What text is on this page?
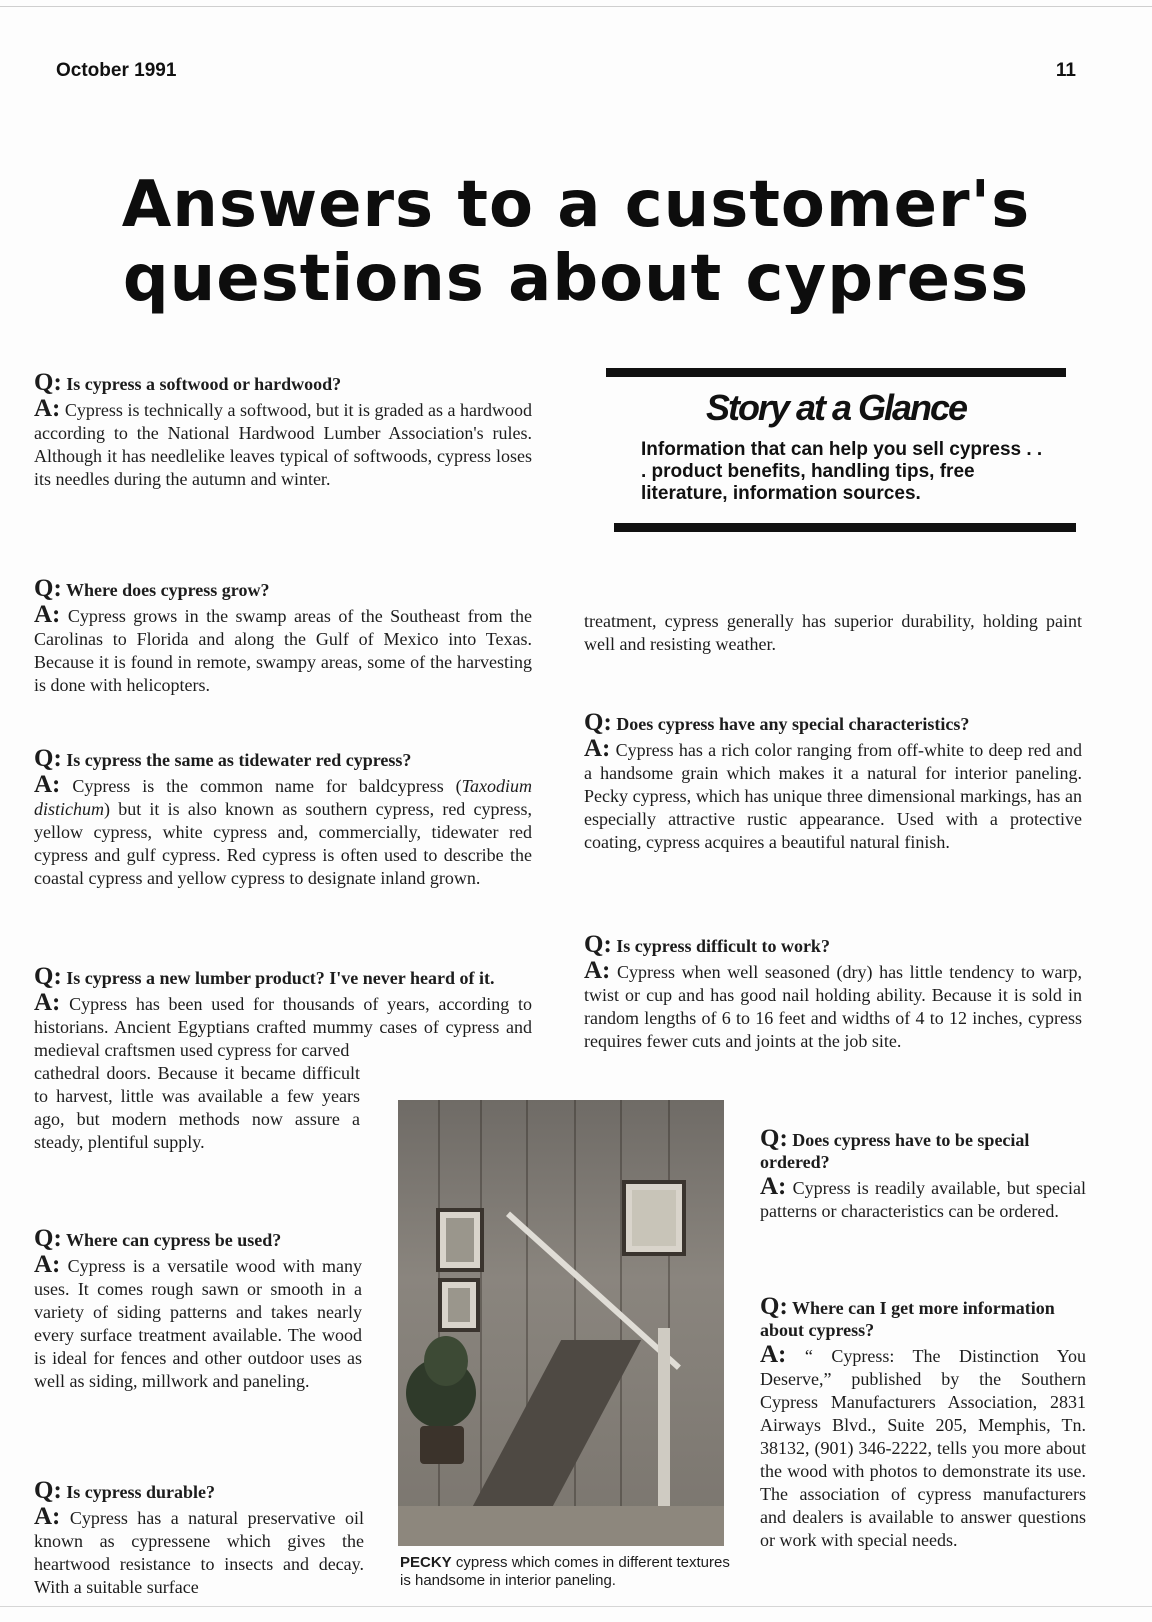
October 1991	11
Answers to a customer's
questions about cypress
Q: Is cypress a softwood or hardwood?
A: Cypress is technically a softwood, but it is graded as a hardwood according to the National Hardwood Lumber Association's rules. Although it has needlelike leaves typical of softwoods, cypress loses its needles during the autumn and winter.
Q: Where does cypress grow?
A: Cypress grows in the swamp areas of the Southeast from the Carolinas to Florida and along the Gulf of Mexico into Texas. Because it is found in remote, swampy areas, some of the harvesting is done with helicopters.
Q: Is cypress the same as tidewater red cypress?
A: Cypress is the common name for baldcypress (Taxodium distichum) but it is also known as southern cypress, red cypress, yellow cypress, white cypress and, commercially, tidewater red cypress and gulf cypress. Red cypress is often used to describe the coastal cypress and yellow cypress to designate inland grown.
Q: Is cypress a new lumber product? I've never heard of it.
A: Cypress has been used for thousands of years, according to historians. Ancient Egyptians crafted mummy cases of cypress and medieval craftsmen used cypress for carved
cathedral doors. Because it became difficult to harvest, little was available a few years ago, but modern methods now assure a steady, plentiful supply.
Q: Where can cypress be used?
A: Cypress is a versatile wood with many uses. It comes rough sawn or smooth in a variety of siding patterns and takes nearly every surface treatment available. The wood is ideal for fences and other outdoor uses as well as siding, millwork and paneling.
Q: Is cypress durable?
A: Cypress has a natural preservative oil known as cypressene which gives the heartwood resistance to insects and decay. With a suitable surface
Story at a Glance
Information that can help you sell cypress . . . product benefits, handling tips, free literature, information sources.
treatment, cypress generally has superior durability, holding paint well and resisting weather.
Q: Does cypress have any special characteristics?
A: Cypress has a rich color ranging from off-white to deep red and a handsome grain which makes it a natural for interior paneling. Pecky cypress, which has unique three dimensional markings, has an especially attractive rustic appearance. Used with a protective coating, cypress acquires a beautiful natural finish.
Q: Is cypress difficult to work?
A: Cypress when well seasoned (dry) has little tendency to warp, twist or cup and has good nail holding ability. Because it is sold in random lengths of 6 to 16 feet and widths of 4 to 12 inches, cypress requires fewer cuts and joints at the job site.
Q: Does cypress have to be special ordered?
A: Cypress is readily available, but special patterns or characteristics can be ordered.
Q: Where can I get more information about cypress?
A: “ Cypress: The Distinction You Deserve,” published by the Southern Cypress Manufacturers Association, 2831 Airways Blvd., Suite 205, Memphis, Tn. 38132, (901) 346-2222, tells you more about the wood with photos to demonstrate its use. The association of cypress manufacturers and dealers is available to answer questions or work with special needs.
PECKY cypress which comes in different textures is handsome in interior paneling.
